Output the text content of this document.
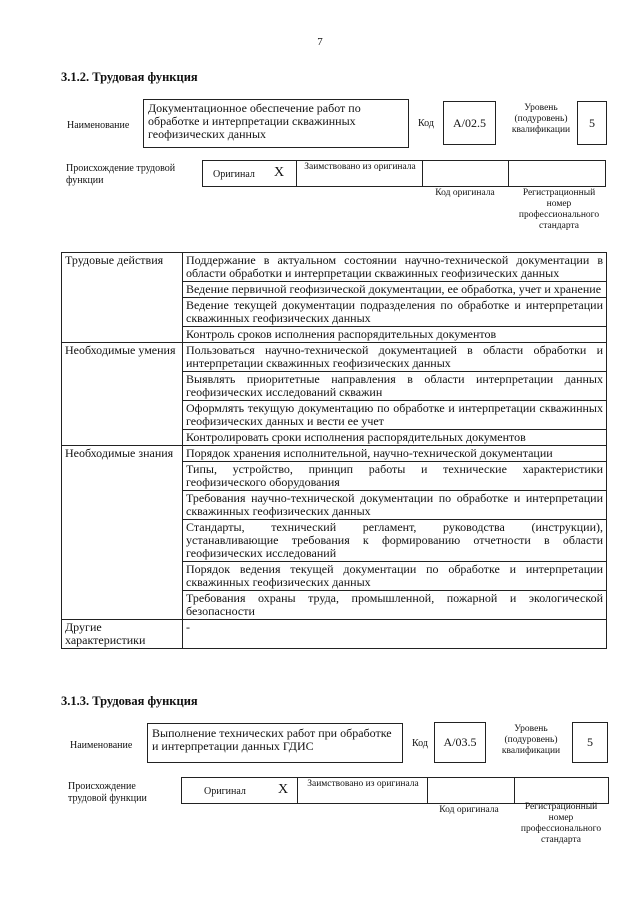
7
3.1.2. Трудовая функция
Наименование
Документационное обеспечение работ по обработке и интерпретации скважинных геофизических данных
Код	A/02.5
Уровень (подуровень) квалификации
5
Происхождение трудовой функции
Оригинал X	Заимствовано из оригинала
Код оригинала	Регистрационный номер профессионального стандарта
Трудовые действия	Поддержание в актуальном состоянии научно-технической документации в области обработки и интерпретации скважинных геофизических данных
	Ведение первичной геофизической документации, ее обработка, учет и хранение
	Ведение текущей документации подразделения по обработке и интерпретации скважинных геофизических данных
	Контроль сроков исполнения распорядительных документов
Необходимые умения	Пользоваться научно-технической документацией в области обработки и интерпретации скважинных геофизических данных
	Выявлять приоритетные направления в области интерпретации данных геофизических исследований скважин
	Оформлять текущую документацию по обработке и интерпретации скважинных геофизических данных и вести ее учет
	Контролировать сроки исполнения распорядительных документов
Необходимые знания	Порядок хранения исполнительной, научно-технической документации
	Типы, устройство, принцип работы и технические характеристики геофизического оборудования
	Требования научно-технической документации по обработке и интерпретации скважинных геофизических данных
	Стандарты, технический регламент, руководства (инструкции), устанавливающие требования к формированию отчетности в области геофизических исследований
	Порядок ведения текущей документации по обработке и интерпретации скважинных геофизических данных
	Требования охраны труда, промышленной, пожарной и экологической безопасности
Другие характеристики	-
3.1.3. Трудовая функция
Наименование
Выполнение технических работ при обработке и интерпретации данных ГДИС	Код	A/03.5
Уровень (подуровень) квалификации
5
Происхождение трудовой функции
Оригинал X	Заимствовано из оригинала
Код оригинала	Регистрационный номер профессионального стандарта
